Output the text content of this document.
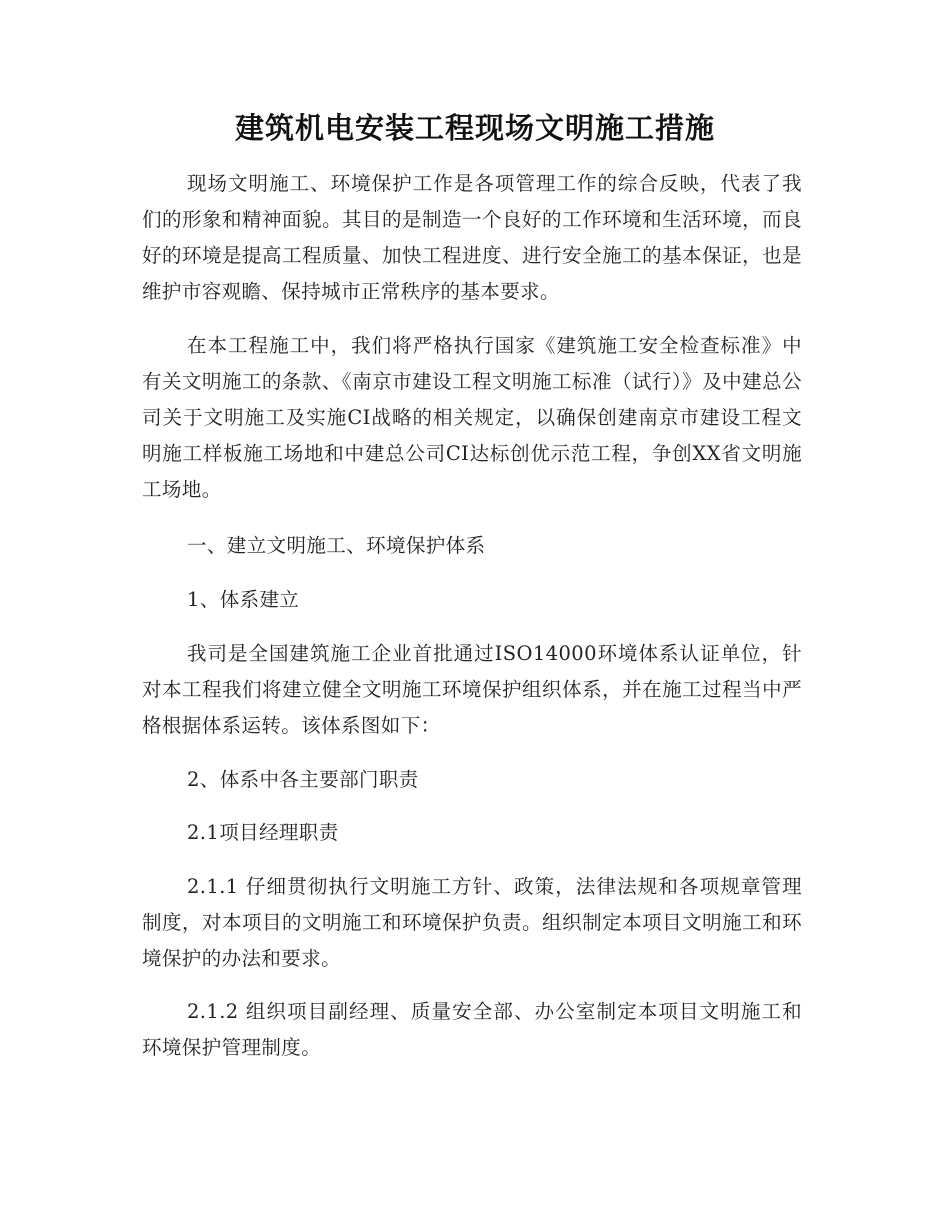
建筑机电安装工程现场文明施工措施

现场文明施工、环境保护工作是各项管理工作的综合反映，代表了我们的形象和精神面貌。其目的是制造一个良好的工作环境和生活环境，而良好的环境是提高工程质量、加快工程进度、进行安全施工的基本保证，也是维护市容观瞻、保持城市正常秩序的基本要求。

在本工程施工中，我们将严格执行国家《建筑施工安全检查标准》中有关文明施工的条款、《南京市建设工程文明施工标准（试行）》及中建总公司关于文明施工及实施CI战略的相关规定，以确保创建南京市建设工程文明施工样板施工场地和中建总公司CI达标创优示范工程，争创XX省文明施工场地。

一、建立文明施工、环境保护体系

1、体系建立

我司是全国建筑施工企业首批通过ISO14000环境体系认证单位，针对本工程我们将建立健全文明施工环境保护组织体系，并在施工过程当中严格根据体系运转。该体系图如下：

2、体系中各主要部门职责

2.1项目经理职责

2.1.1 仔细贯彻执行文明施工方针、政策，法律法规和各项规章管理制度，对本项目的文明施工和环境保护负责。组织制定本项目文明施工和环境保护的办法和要求。

2.1.2 组织项目副经理、质量安全部、办公室制定本项目文明施工和环境保护管理制度。
